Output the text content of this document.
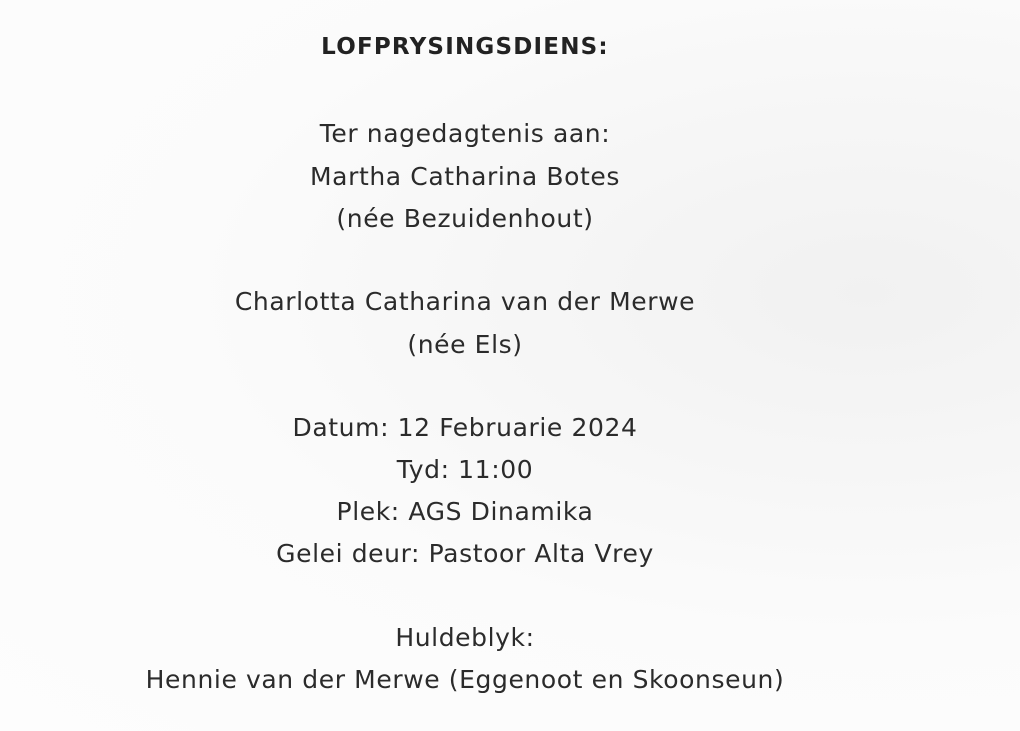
LOFPRYSINGSDIENS:
Ter nagedagtenis aan:
Martha Catharina Botes
(née Bezuidenhout)
Charlotta Catharina van der Merwe
(née Els)
Datum: 12 Februarie 2024
Tyd: 11:00
Plek: AGS Dinamika
Gelei deur: Pastoor Alta Vrey
Huldeblyk:
Hennie van der Merwe (Eggenoot en Skoonseun)
